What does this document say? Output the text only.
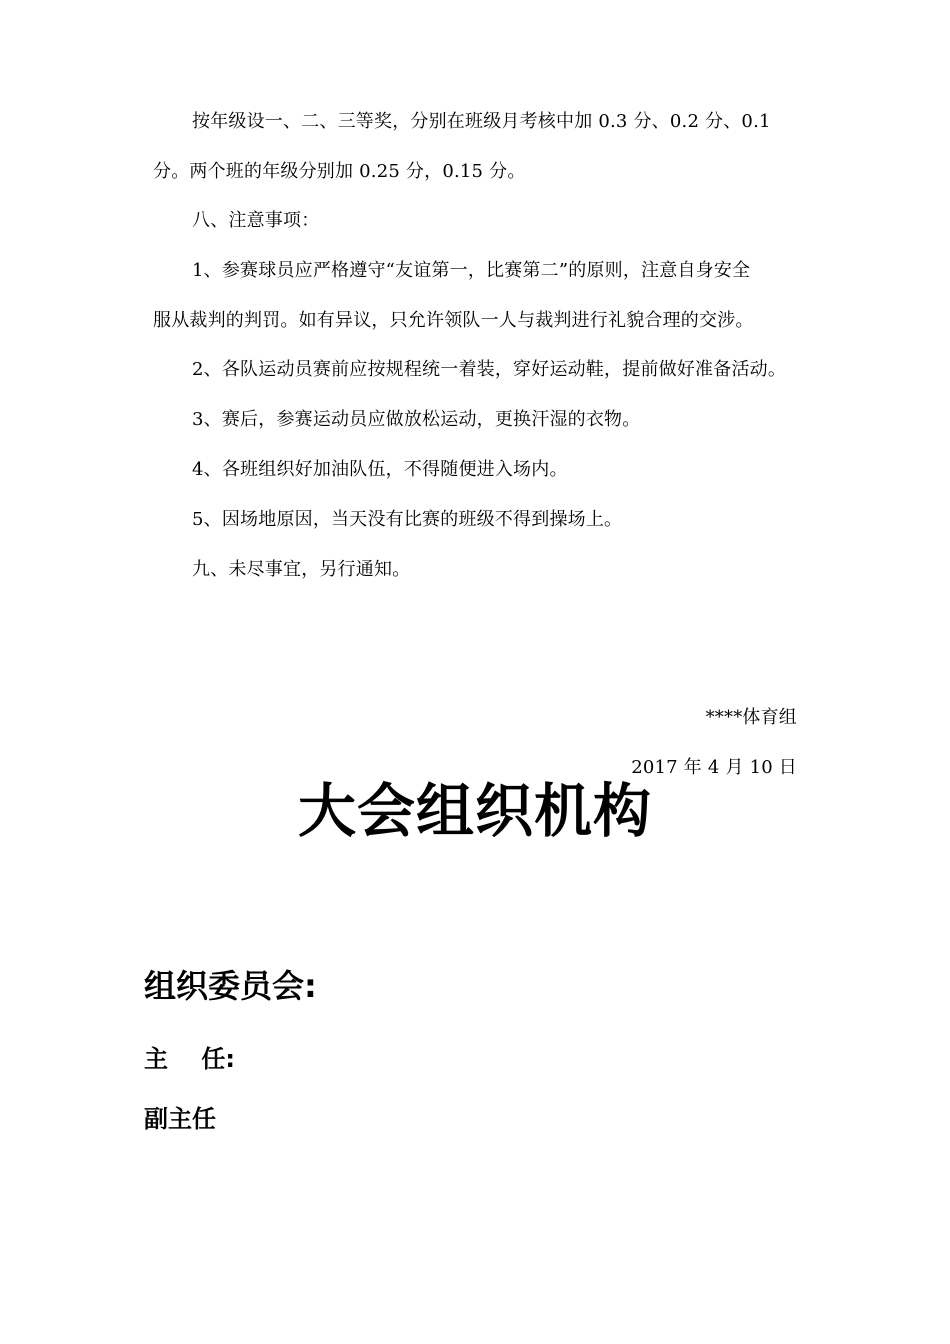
按年级设一、二、三等奖，分别在班级月考核中加 0.3 分、0.2 分、0.1
分。两个班的年级分别加 0.25 分，0.15 分。
八、注意事项：
1、参赛球员应严格遵守“友谊第一，比赛第二”的原则，注意自身安全
服从裁判的判罚。如有异议，只允许领队一人与裁判进行礼貌合理的交涉。
2、各队运动员赛前应按规程统一着装，穿好运动鞋，提前做好准备活动。
3、赛后，参赛运动员应做放松运动，更换汗湿的衣物。
4、各班组织好加油队伍，不得随便进入场内。
5、因场地原因，当天没有比赛的班级不得到操场上。
九、未尽事宜，另行通知。
****体育组
2017 年 4 月 10 日
大会组织机构
组织委员会:
主    任:
副主任
